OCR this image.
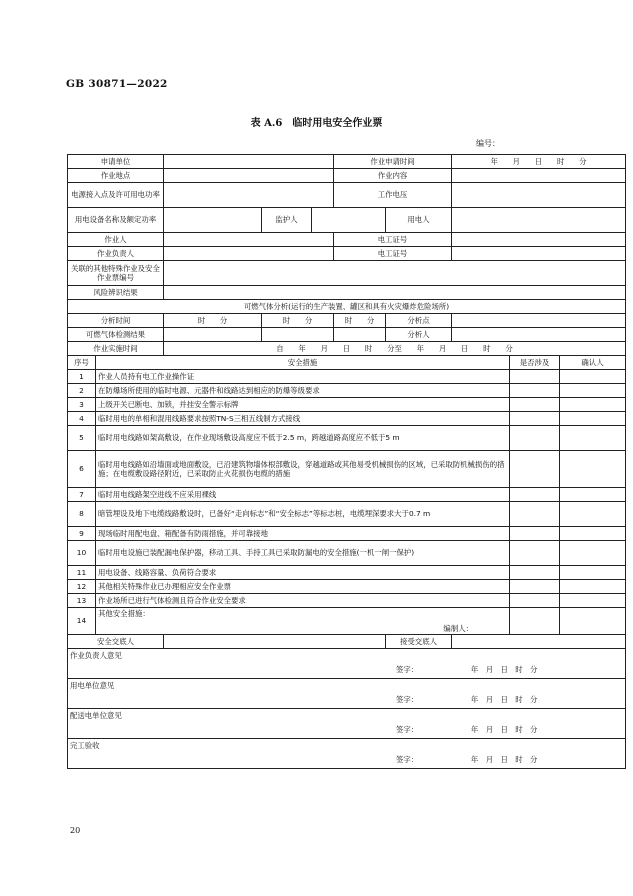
GB 30871—2022
表 A.6　临时用电安全作业票
编号：
申请单位					作业申请时间		年　　月　　日　　时　　分		
作业地点					作业内容				
电源接入点及许可用电功率					工作电压				
用电设备名称及额定功率			监护人			用电人			
作业人					电工证号				
作业负责人					电工证号				
关联的其他特殊作业及安全作业票编号									
风险辨识结果									
可燃气体分析(运行的生产装置、罐区和具有火灾爆炸危险场所)									
分析时间		时　　分	时　　分		时　　分	分析点			
可燃气体检测结果						分析人			
作业实施时间		自　　年　　月　　日　　时　　分至　　年　　月　　日　　时　　分							
序号	安全措施							是否涉及	确认人
1	作业人员持有电工作业操作证								
2	在防爆场所使用的临时电源、元器件和线路达到相应的防爆等级要求								
3	上级开关已断电、加锁，并挂安全警示标牌								
4	临时用电的单相和混用线路要求按照TN-S三相五线制方式接线								
5	临时用电线路如架高敷设，在作业现场敷设高度应不低于2.5 m，跨越道路高度应不低于5 m								
6	临时用电线路如沿墙面或地面敷设，已沿建筑物墙体根部敷设，穿越道路或其他易受机械损伤的区域，已采取防机械损伤的措施；在电缆敷设路径附近，已采取防止火花损伤电缆的措施								
7	临时用电线路架空进线不应采用裸线								
8	暗管埋设及地下电缆线路敷设时，已备好“走向标志”和“安全标志”等标志桩，电缆埋深要求大于0.7 m								
9	现场临时用配电盘、箱配备有防雨措施，并可靠接地								
10	临时用电设施已装配漏电保护器，移动工具、手持工具已采取防漏电的安全措施(一机一闸一保护)								
11	用电设备、线路容量、负荷符合要求								
12	其他相关特殊作业已办理相应安全作业票								
13	作业场所已进行气体检测且符合作业安全要求								
14	其他安全措施：
编制人：								

安全交底人						接受交底人			

作业负责人意见
签字： 年　月　日　时　分									

用电单位意见
签字： 年　月　日　时　分									

配送电单位意见
签字： 年　月　日　时　分									

完工验收
签字： 年　月　日　时　分									
20
